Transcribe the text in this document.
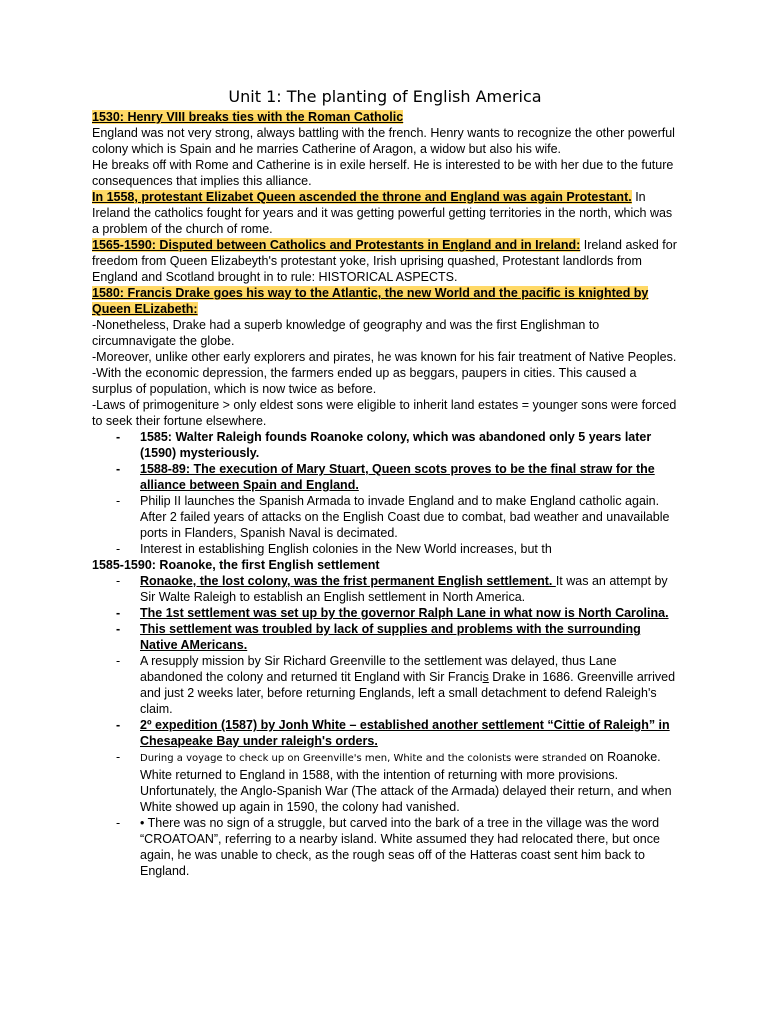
Unit 1: The planting of English America

1530: Henry VIII breaks ties with the Roman Catholic
England was not very strong, always battling with the french. Henry wants to recognize the other powerful colony which is Spain and he marries Catherine of Aragon, a widow but also his wife.

He breaks off with Rome and Catherine is in exile herself. He is interested to be with her due to the future consequences that implies this alliance.

In 1558, protestant Elizabet Queen ascended the throne and England was again Protestant. In Ireland the catholics fought for years and it was getting powerful getting territories in the north, which was a problem of the church of rome.

1565-1590: Disputed between Catholics and Protestants in England and in Ireland: Ireland asked for freedom from Queen Elizabeyth's protestant yoke, Irish uprising quashed, Protestant landlords from England and Scotland brought in to rule: HISTORICAL ASPECTS.

1580: Francis Drake goes his way to the Atlantic, the new World and the pacific is knighted by Queen ELizabeth:

-Nonetheless, Drake had a superb knowledge of geography and was the first Englishman to circumnavigate the globe.

-Moreover, unlike other early explorers and pirates, he was known for his fair treatment of Native Peoples.

-With the economic depression, the farmers ended up as beggars, paupers in cities. This caused a surplus of population, which is now twice as before.

-Laws of primogeniture > only eldest sons were eligible to inherit land estates = younger sons were forced to seek their fortune elsewhere.

- 1585: Walter Raleigh founds Roanoke colony, which was abandoned only 5 years later (1590) mysteriously.
- 1588-89: The execution of Mary Stuart, Queen scots proves to be the final straw for the alliance between Spain and England.
- Philip II launches the Spanish Armada to invade England and to make England catholic again. After 2 failed years of attacks on the English Coast due to combat, bad weather and unavailable ports in Flanders, Spanish Naval is decimated.
- Interest in establishing English colonies in the New World increases, but th

1585-1590: Roanoke, the first English settlement

- Ronaoke, the lost colony, was the frist permanent English settlement. It was an attempt by Sir Walte Raleigh to establish an English settlement in North America.
- The 1st settlement was set up by the governor Ralph Lane in what now is North Carolina.
- This settlement was troubled by lack of supplies and problems with the surrounding Native AMericans.
- A resupply mission by Sir Richard Greenville to the settlement was delayed, thus Lane abandoned the colony and returned tit England with Sir Francis Drake in 1686. Greenville arrived and just 2 weeks later, before returning Englands, left a small detachment to defend Raleigh's claim.
- 2º expedition (1587) by Jonh White – established another settlement “Cittie of Raleigh” in Chesapeake Bay under raleigh's orders.
- During a voyage to check up on Greenville's men, White and the colonists were stranded on Roanoke. White returned to England in 1588, with the intention of returning with more provisions. Unfortunately, the Anglo-Spanish War (The attack of the Armada) delayed their return, and when White showed up again in 1590, the colony had vanished.
- • There was no sign of a struggle, but carved into the bark of a tree in the village was the word “CROATOAN”, referring to a nearby island. White assumed they had relocated there, but once again, he was unable to check, as the rough seas off of the Hatteras coast sent him back to England.
